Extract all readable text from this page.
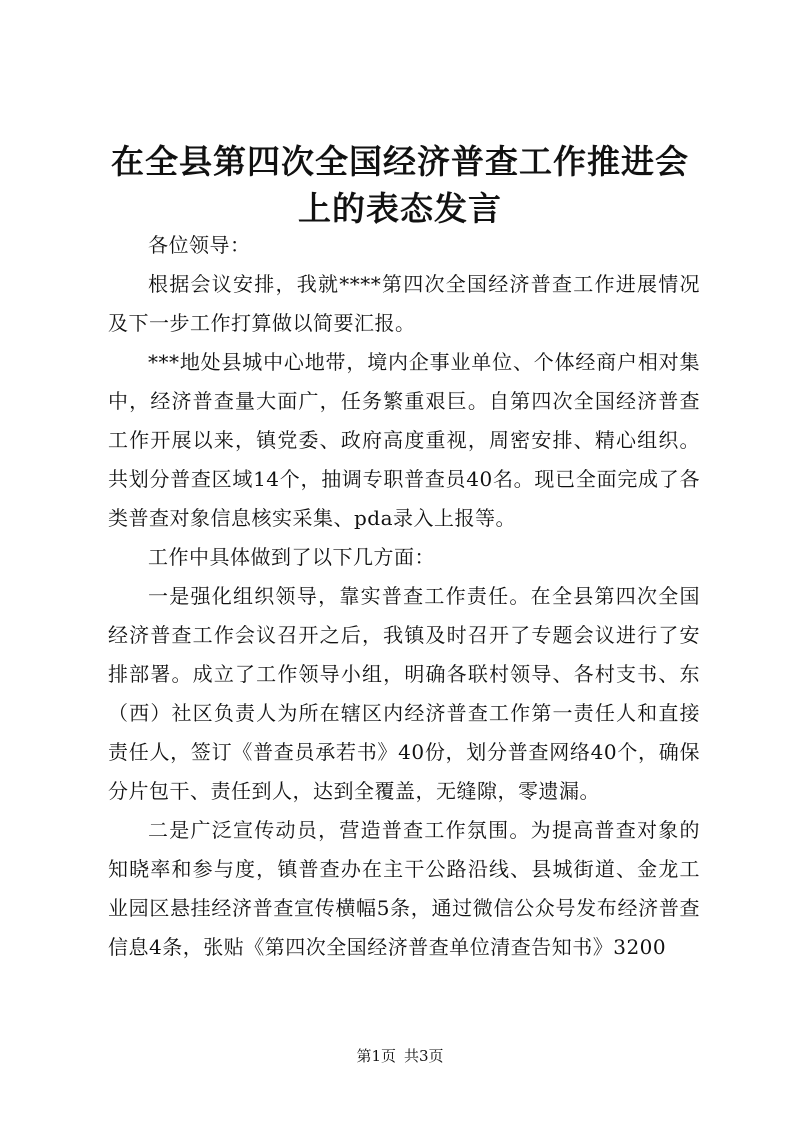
在全县第四次全国经济普查工作推进会上的表态发言

各位领导：

根据会议安排，我就****第四次全国经济普查工作进展情况及下一步工作打算做以简要汇报。

***地处县城中心地带，境内企事业单位、个体经商户相对集中，经济普查量大面广，任务繁重艰巨。自第四次全国经济普查工作开展以来，镇党委、政府高度重视，周密安排、精心组织。共划分普查区域14个，抽调专职普查员40名。现已全面完成了各类普查对象信息核实采集、pda录入上报等。

工作中具体做到了以下几方面：

一是强化组织领导，靠实普查工作责任。在全县第四次全国经济普查工作会议召开之后，我镇及时召开了专题会议进行了安排部署。成立了工作领导小组，明确各联村领导、各村支书、东（西）社区负责人为所在辖区内经济普查工作第一责任人和直接责任人，签订《普查员承若书》40份，划分普查网络40个，确保分片包干、责任到人，达到全覆盖，无缝隙，零遗漏。

二是广泛宣传动员，营造普查工作氛围。为提高普查对象的知晓率和参与度，镇普查办在主干公路沿线、县城街道、金龙工业园区悬挂经济普查宣传横幅5条，通过微信公众号发布经济普查信息4条，张贴《第四次全国经济普查单位清查告知书》3200

第1页 共3页
